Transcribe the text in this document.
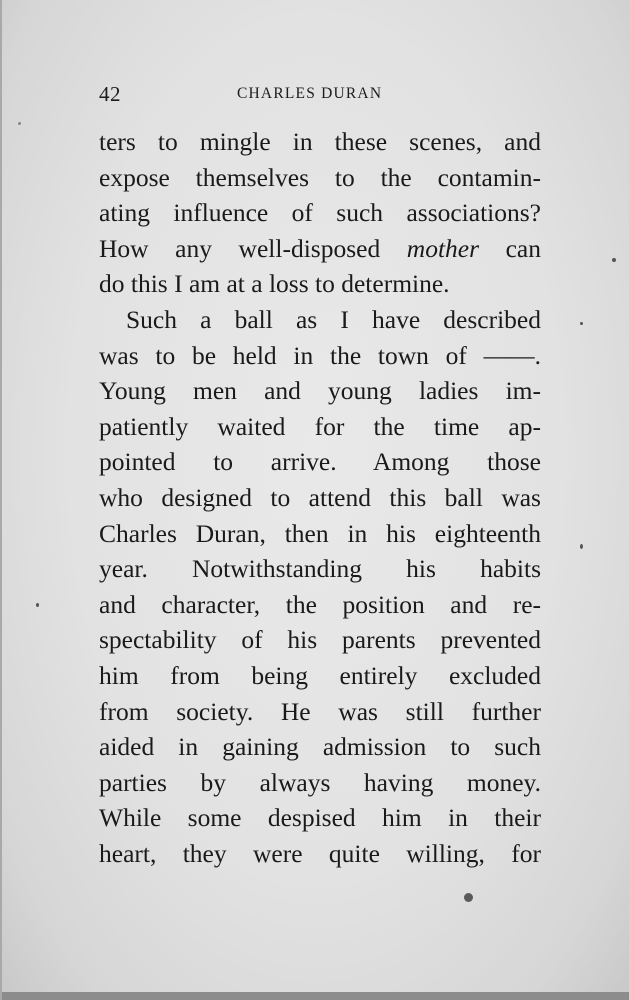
42	CHARLES DURAN
ters to mingle in these scenes, and
expose themselves to the contamin-
ating influence of such associations?
How any well-disposed mother can
do this I am at a loss to determine.
Such a ball as I have described
was to be held in the town of ——.
Young men and young ladies im-
patiently waited for the time ap-
pointed to arrive. Among those
who designed to attend this ball was
Charles Duran, then in his eighteenth
year. Notwithstanding his habits
and character, the position and re-
spectability of his parents prevented
him from being entirely excluded
from society. He was still further
aided in gaining admission to such
parties by always having money.
While some despised him in their
heart, they were quite willing, for
